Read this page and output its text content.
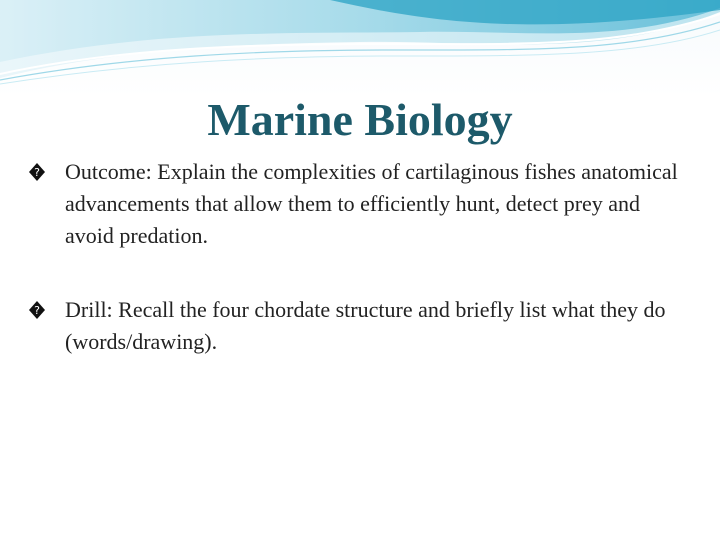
Marine Biology
? Outcome: Explain the complexities of cartilaginous fishes anatomical advancements that allow them to efficiently hunt, detect prey and avoid predation.
? Drill: Recall the four chordate structure and briefly list what they do (words/drawing).
